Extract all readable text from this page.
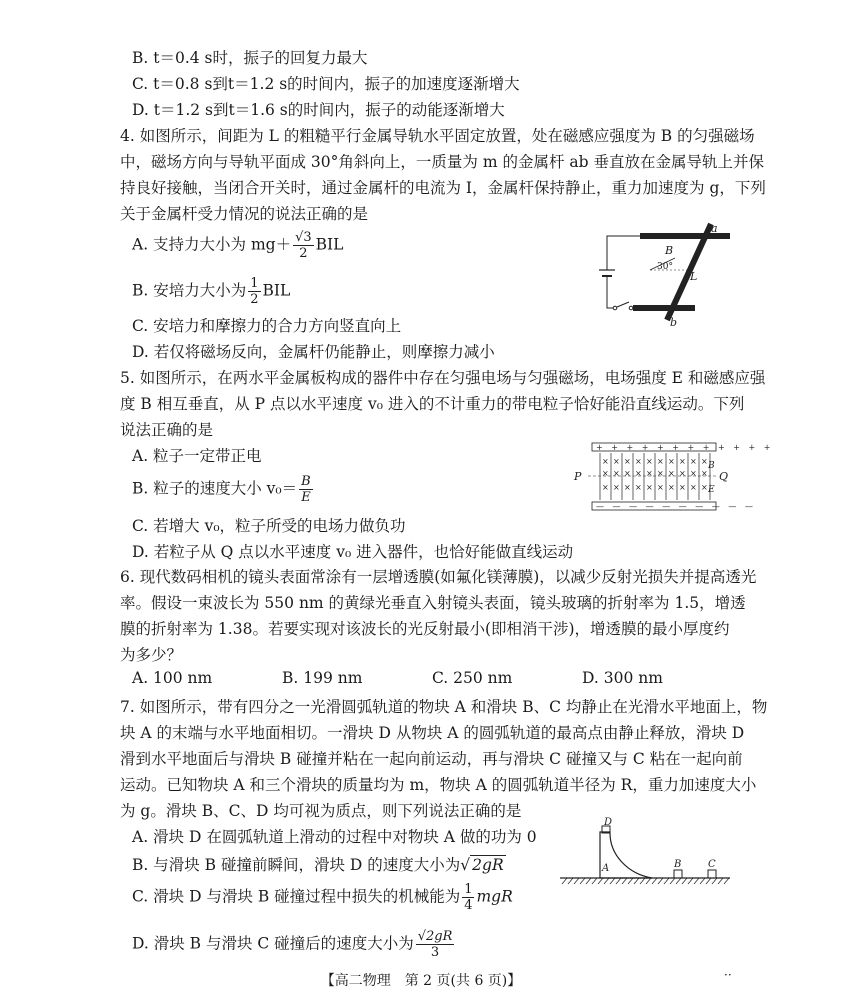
B. t＝0.4 s时，振子的回复力最大
C. t＝0.8 s到t＝1.2 s的时间内，振子的加速度逐渐增大
D. t＝1.2 s到t＝1.6 s的时间内，振子的动能逐渐增大
4. 如图所示，间距为 L 的粗糙平行金属导轨水平固定放置，处在磁感应强度为 B 的匀强磁场
中，磁场方向与导轨平面成 30°角斜向上，一质量为 m 的金属杆 ab 垂直放在金属导轨上并保
持良好接触，当闭合开关时，通过金属杆的电流为 I，金属杆保持静止，重力加速度为 g，下列
关于金属杆受力情况的说法正确的是
A. 支持力大小为 $mg+ \frac{√3}{2}$ BIL
B. 安培力大小为 $\frac{1}{2}$ BIL
C. 安培力和摩擦力的合力方向竖直向上
D. 若仅将磁场反向，金属杆仍能静止，则摩擦力减小
a
b
B
30°
L
5. 如图所示，在两水平金属板构成的器件中存在匀强电场与匀强磁场，电场强度 E 和磁感应强
度 B 相互垂直，从 P 点以水平速度 v₀ 进入的不计重力的带电粒子恰好能沿直线运动。下列
说法正确的是
A. 粒子一定带正电
B. 粒子的速度大小 $v_0= \frac{B}{E}$
C. 若增大 v₀，粒子所受的电场力做负功
D. 若粒子从 Q 点以水平速度 v₀ 进入器件，也恰好能做直线运动
+ + + + + + + + + + + +
— — — — — — — — — —
P	Q
B
E
× × × × × × × × × ×
× × × × × × × × × ×
× × × × × × × × × ×
6. 现代数码相机的镜头表面常涂有一层增透膜(如氟化镁薄膜)，以减少反射光损失并提高透光
率。假设一束波长为 550 nm 的黄绿光垂直入射镜头表面，镜头玻璃的折射率为 1.5，增透
膜的折射率为 1.38。若要实现对该波长的光反射最小(即相消干涉)，增透膜的最小厚度约
为多少？
A. 100 nm	B. 199 nm	C. 250 nm	D. 300 nm
7. 如图所示，带有四分之一光滑圆弧轨道的物块 A 和滑块 B、C 均静止在光滑水平地面上，物
块 A 的末端与水平地面相切。一滑块 D 从物块 A 的圆弧轨道的最高点由静止释放，滑块 D
滑到水平地面后与滑块 B 碰撞并粘在一起向前运动，再与滑块 C 碰撞又与 C 粘在一起向前
运动。已知物块 A 和三个滑块的质量均为 m，物块 A 的圆弧轨道半径为 R，重力加速度大小
为 g。滑块 B、C、D 均可视为质点，则下列说法正确的是
A. 滑块 D 在圆弧轨道上滑动的过程中对物块 A 做的功为 0
B. 与滑块 B 碰撞前瞬间，滑块 D 的速度大小为√ 2gR
C. 滑块 D 与滑块 B 碰撞过程中损失的机械能为 $\frac{1}{4}$ mgR
D. 滑块 B 与滑块 C 碰撞后的速度大小为 $\frac{√2gR}{3}$
D
A	B	C
【高二物理　第 2 页(共 6 页)】	··
